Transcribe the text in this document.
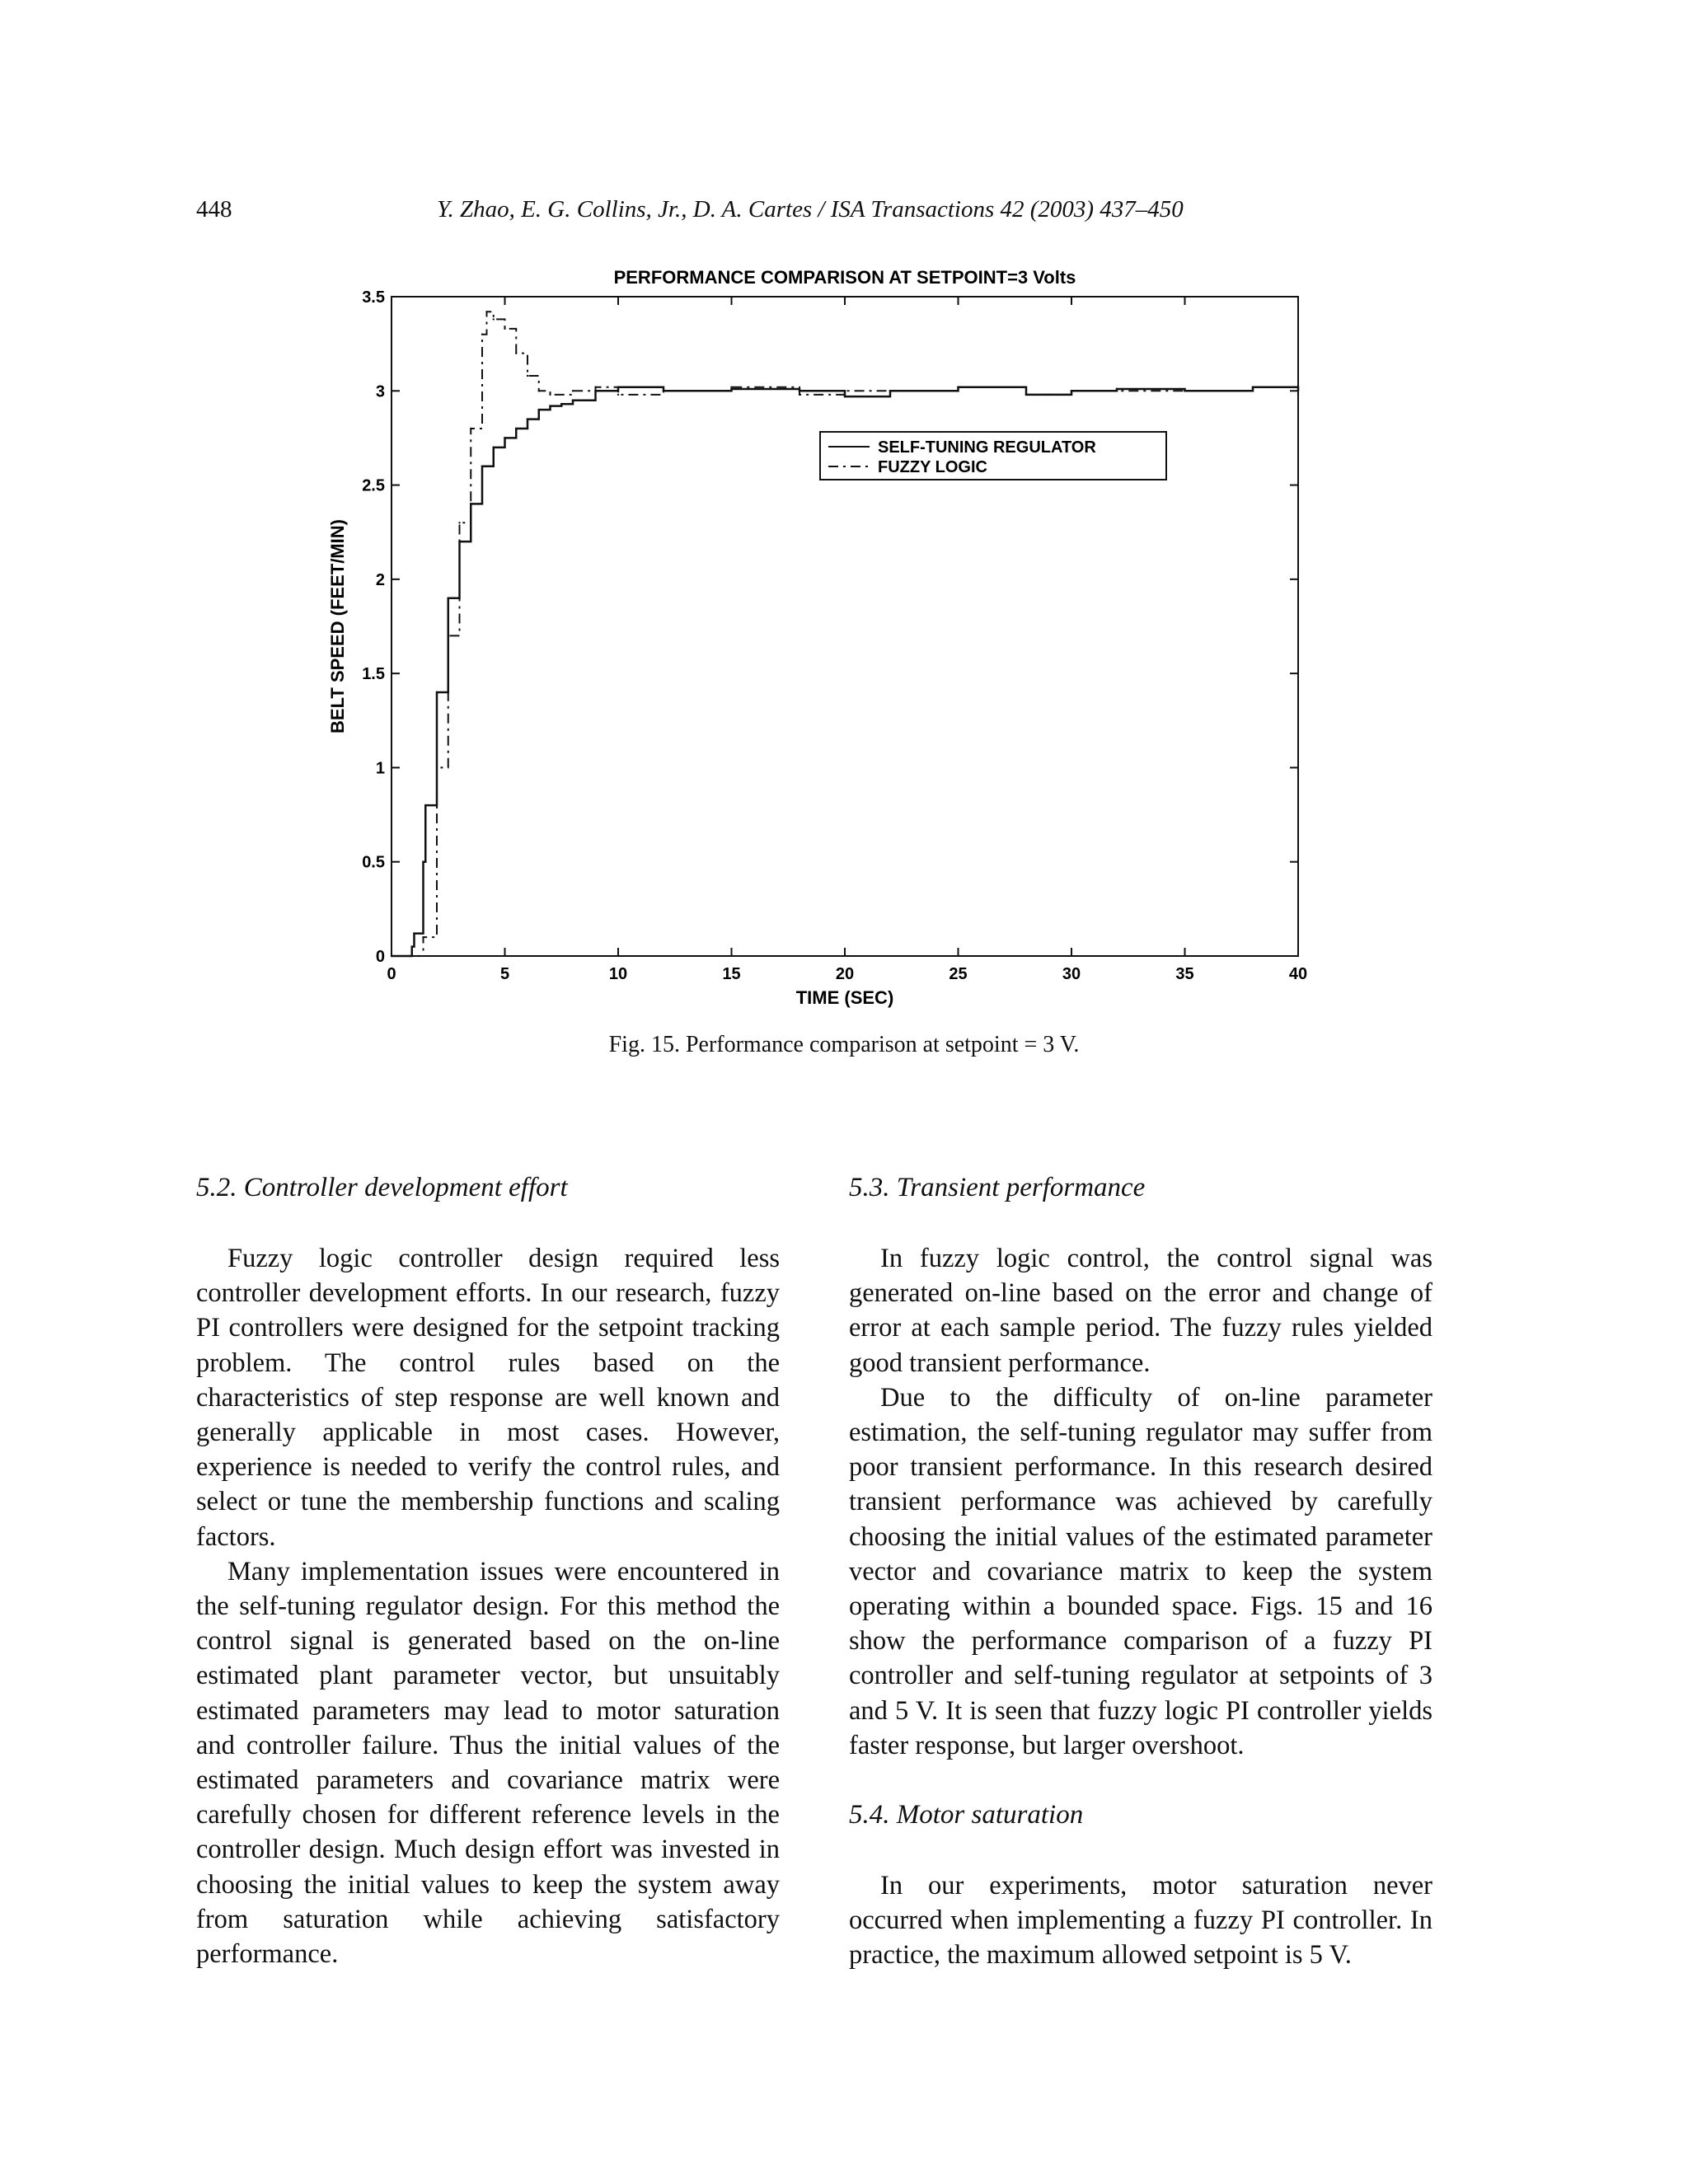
448	Y. Zhao, E. G. Collins, Jr., D. A. Cartes / ISA Transactions 42 (2003) 437–450
PERFORMANCE COMPARISON AT SETPOINT=3 Volts
0	5	10	15	20	25	30	35	40
0
0.5
1
1.5
2
2.5
3
3.5
TIME (SEC)
BELT SPEED (FEET/MIN)
SELF-TUNING REGULATOR
FUZZY LOGIC
Fig. 15. Performance comparison at setpoint = 3 V.
5.2. Controller development effort

Fuzzy logic controller design required less controller development efforts. In our research, fuzzy PI controllers were designed for the setpoint tracking problem. The control rules based on the characteristics of step response are well known and generally applicable in most cases. However, experience is needed to verify the control rules, and select or tune the membership functions and scaling factors.

Many implementation issues were encountered in the self-tuning regulator design. For this method the control signal is generated based on the on-line estimated plant parameter vector, but unsuitably estimated parameters may lead to motor saturation and controller failure. Thus the initial values of the estimated parameters and covariance matrix were carefully chosen for different reference levels in the controller design. Much design effort was invested in choosing the initial values to keep the system away from saturation while achieving satisfactory performance.

5.3. Transient performance

In fuzzy logic control, the control signal was generated on-line based on the error and change of error at each sample period. The fuzzy rules yielded good transient performance.

Due to the difficulty of on-line parameter estimation, the self-tuning regulator may suffer from poor transient performance. In this research desired transient performance was achieved by carefully choosing the initial values of the estimated parameter vector and covariance matrix to keep the system operating within a bounded space. Figs. 15 and 16 show the performance comparison of a fuzzy PI controller and self-tuning regulator at setpoints of 3 and 5 V. It is seen that fuzzy logic PI controller yields faster response, but larger overshoot.

5.4. Motor saturation

In our experiments, motor saturation never occurred when implementing a fuzzy PI controller. In practice, the maximum allowed setpoint is 5 V.
